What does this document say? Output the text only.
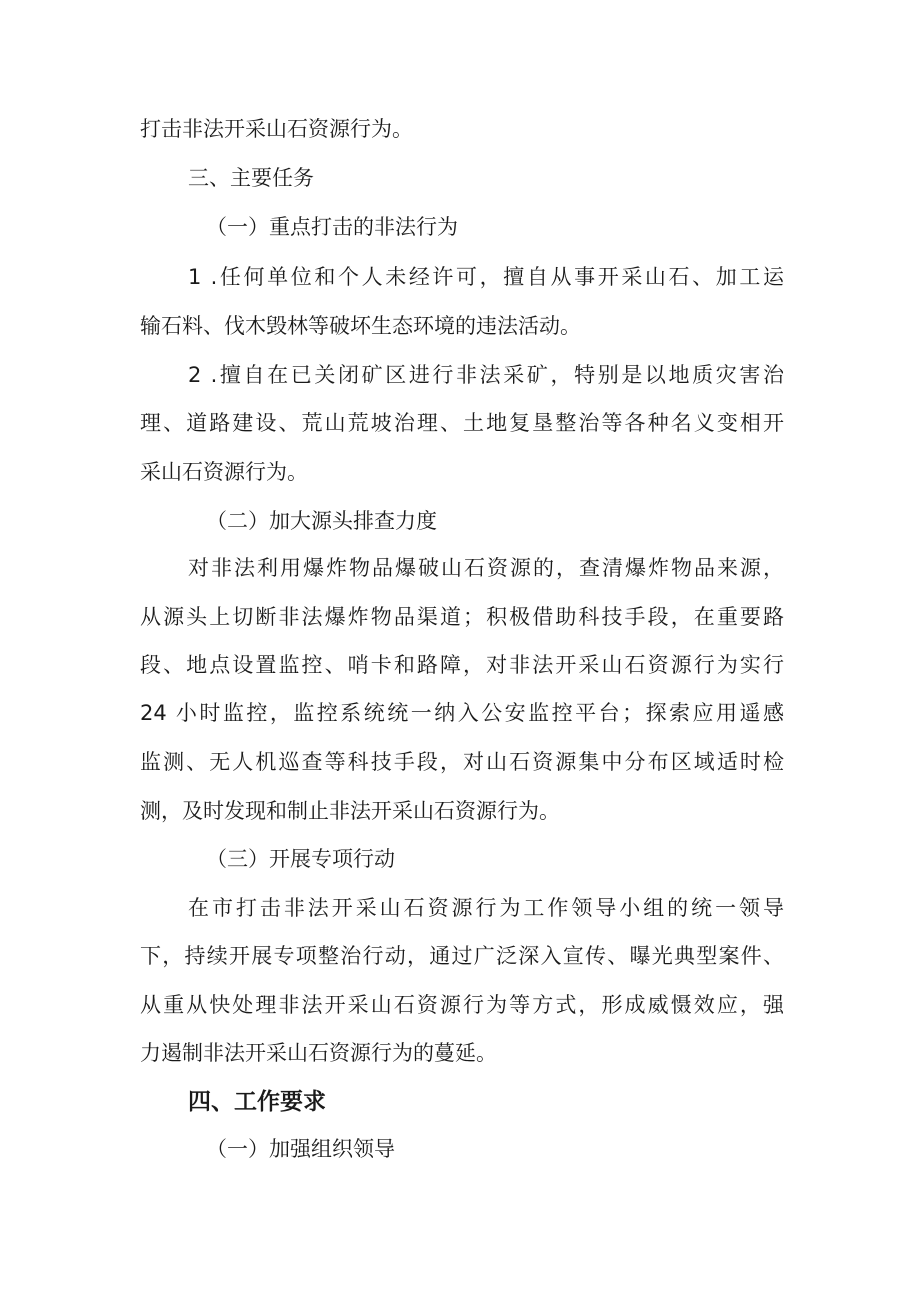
打击非法开采山石资源行为。
三、主要任务
（一）重点打击的非法行为
1 .任何单位和个人未经许可，擅自从事开采山石、加工运
输石料、伐木毁林等破坏生态环境的违法活动。
2 .擅自在已关闭矿区进行非法采矿，特别是以地质灾害治
理、道路建设、荒山荒坡治理、土地复垦整治等各种名义变相开
采山石资源行为。
（二）加大源头排查力度
对非法利用爆炸物品爆破山石资源的，查清爆炸物品来源，
从源头上切断非法爆炸物品渠道；积极借助科技手段，在重要路
段、地点设置监控、哨卡和路障，对非法开采山石资源行为实行
24 小时监控，监控系统统一纳入公安监控平台；探索应用遥感
监测、无人机巡查等科技手段，对山石资源集中分布区域适时检
测，及时发现和制止非法开采山石资源行为。
（三）开展专项行动
在市打击非法开采山石资源行为工作领导小组的统一领导
下，持续开展专项整治行动，通过广泛深入宣传、曝光典型案件、
从重从快处理非法开采山石资源行为等方式，形成威慑效应，强
力遏制非法开采山石资源行为的蔓延。
四、工作要求
（一）加强组织领导
